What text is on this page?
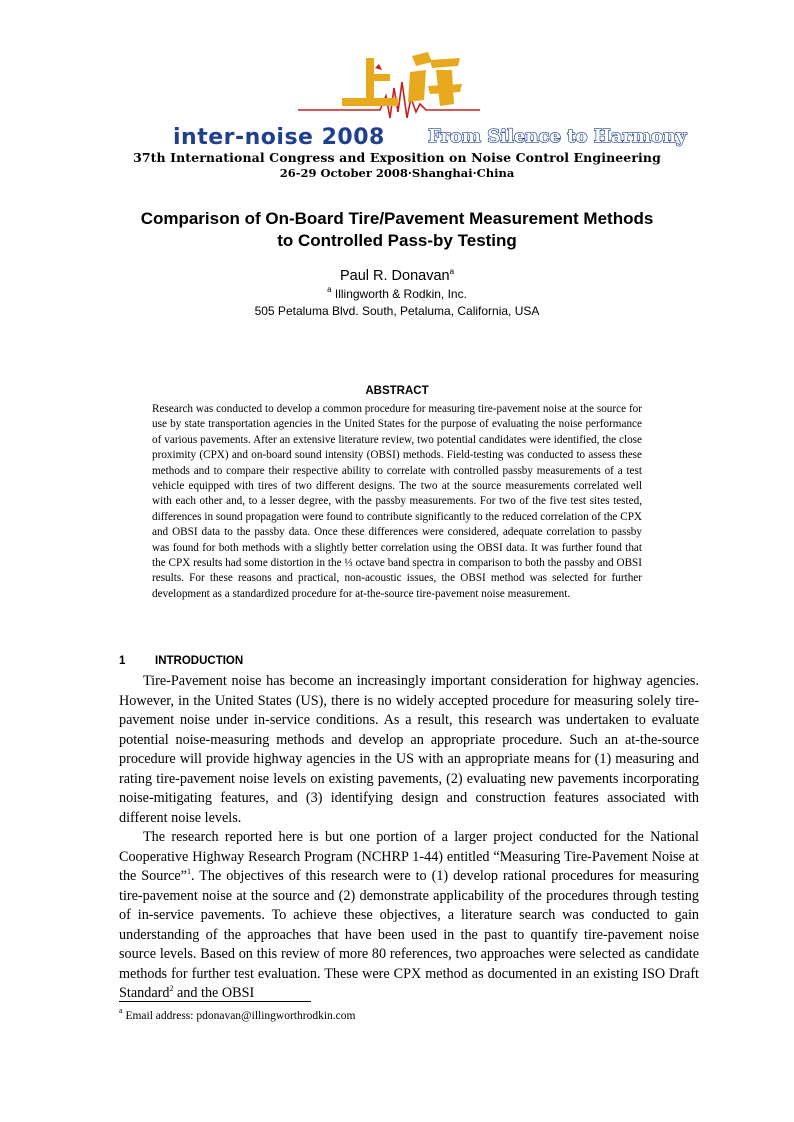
inter-noise 2008 From Silence to Harmony
37th International Congress and Exposition on Noise Control Engineering
26-29 October 2008·Shanghai·China
Comparison of On-Board Tire/Pavement Measurement Methods
to Controlled Pass-by Testing
Paul R. Donavan$^a$
$^a$ Illingworth & Rodkin, Inc.
505 Petaluma Blvd. South, Petaluma, California, USA
ABSTRACT

Research was conducted to develop a common procedure for measuring tire-pavement noise at the source for use by state transportation agencies in the United States for the purpose of evaluating the noise performance of various pavements. After an extensive literature review, two potential candidates were identified, the close proximity (CPX) and on-board sound intensity (OBSI) methods. Field-testing was conducted to assess these methods and to compare their respective ability to correlate with controlled passby measurements of a test vehicle equipped with tires of two different designs. The two at the source measurements correlated well with each other and, to a lesser degree, with the passby measurements. For two of the five test sites tested, differences in sound propagation were found to contribute significantly to the reduced correlation of the CPX and OBSI data to the passby data. Once these differences were considered, adequate correlation to passby was found for both methods with a slightly better correlation using the OBSI data. It was further found that the CPX results had some distortion in the ⅓ octave band spectra in comparison to both the passby and OBSI results. For these reasons and practical, non-acoustic issues, the OBSI method was selected for further development as a standardized procedure for at-the-source tire-pavement noise measurement.

1	INTRODUCTION

Tire-Pavement noise has become an increasingly important consideration for highway agencies. However, in the United States (US), there is no widely accepted procedure for measuring solely tire-pavement noise under in-service conditions. As a result, this research was undertaken to evaluate potential noise-measuring methods and develop an appropriate procedure. Such an at-the-source procedure will provide highway agencies in the US with an appropriate means for (1) measuring and rating tire-pavement noise levels on existing pavements, (2) evaluating new pavements incorporating noise-mitigating features, and (3) identifying design and construction features associated with different noise levels.

The research reported here is but one portion of a larger project conducted for the National Cooperative Highway Research Program (NCHRP 1-44) entitled “Measuring Tire-Pavement Noise at the Source”$^1$. The objectives of this research were to (1) develop rational procedures for measuring tire-pavement noise at the source and (2) demonstrate applicability of the procedures through testing of in-service pavements. To achieve these objectives, a literature search was conducted to gain understanding of the approaches that have been used in the past to quantify tire-pavement noise source levels. Based on this review of more 80 references, two approaches were selected as candidate methods for further test evaluation. These were CPX method as documented in an existing ISO Draft Standard$^2$ and the OBSI

$^a$ Email address: pdonavan@illingworthrodkin.com
